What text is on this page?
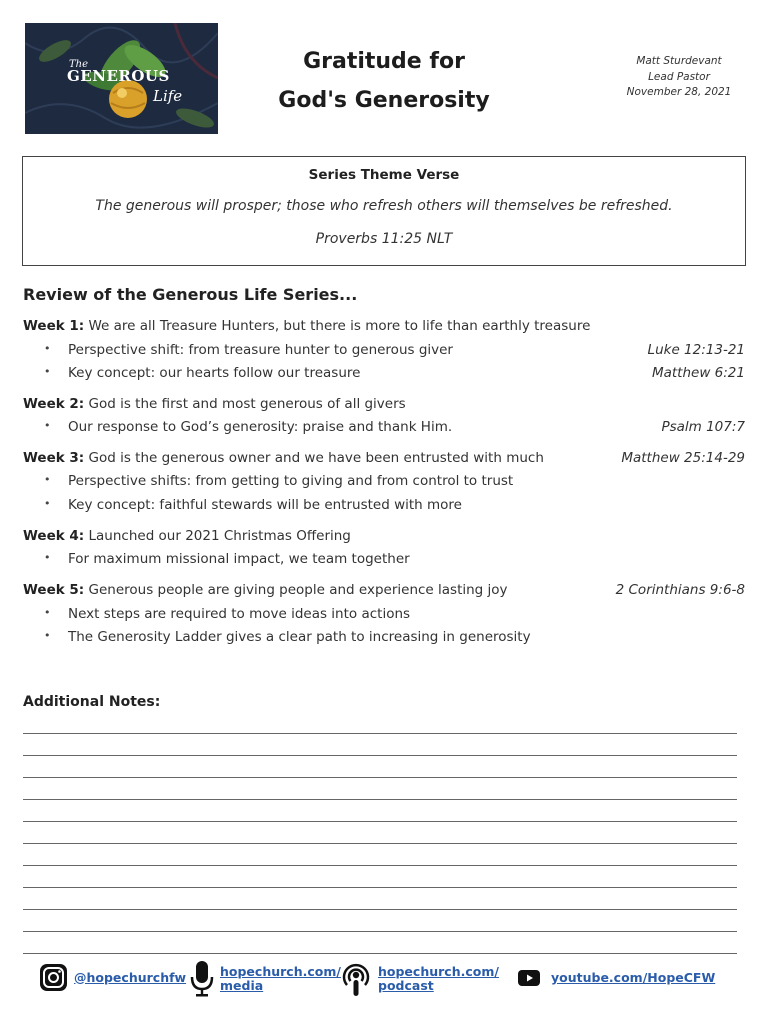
The
GENEROUS
Life
Gratitude for
God's Generosity
Matt Sturdevant
Lead Pastor
November 28, 2021
Series Theme Verse
The generous will prosper; those who refresh others will themselves be refreshed.
Proverbs 11:25 NLT
Review of the Generous Life Series...
Week 1: We are all Treasure Hunters, but there is more to life than earthly treasure
• Perspective shift: from treasure hunter to generous giver	Luke 12:13-21
• Key concept: our hearts follow our treasure	Matthew 6:21
Week 2: God is the first and most generous of all givers
• Our response to God’s generosity: praise and thank Him.	Psalm 107:7
Week 3: God is the generous owner and we have been entrusted with much	Matthew 25:14-29
• Perspective shifts: from getting to giving and from control to trust
• Key concept: faithful stewards will be entrusted with more
Week 4: Launched our 2021 Christmas Offering
• For maximum missional impact, we team together
Week 5: Generous people are giving people and experience lasting joy	2 Corinthians 9:6-8
• Next steps are required to move ideas into actions
• The Generosity Ladder gives a clear path to increasing in generosity
Additional Notes:
@hopechurchfw	hopechurch.com/
media
hopechurch.com/
podcast
youtube.com/HopeCFW
